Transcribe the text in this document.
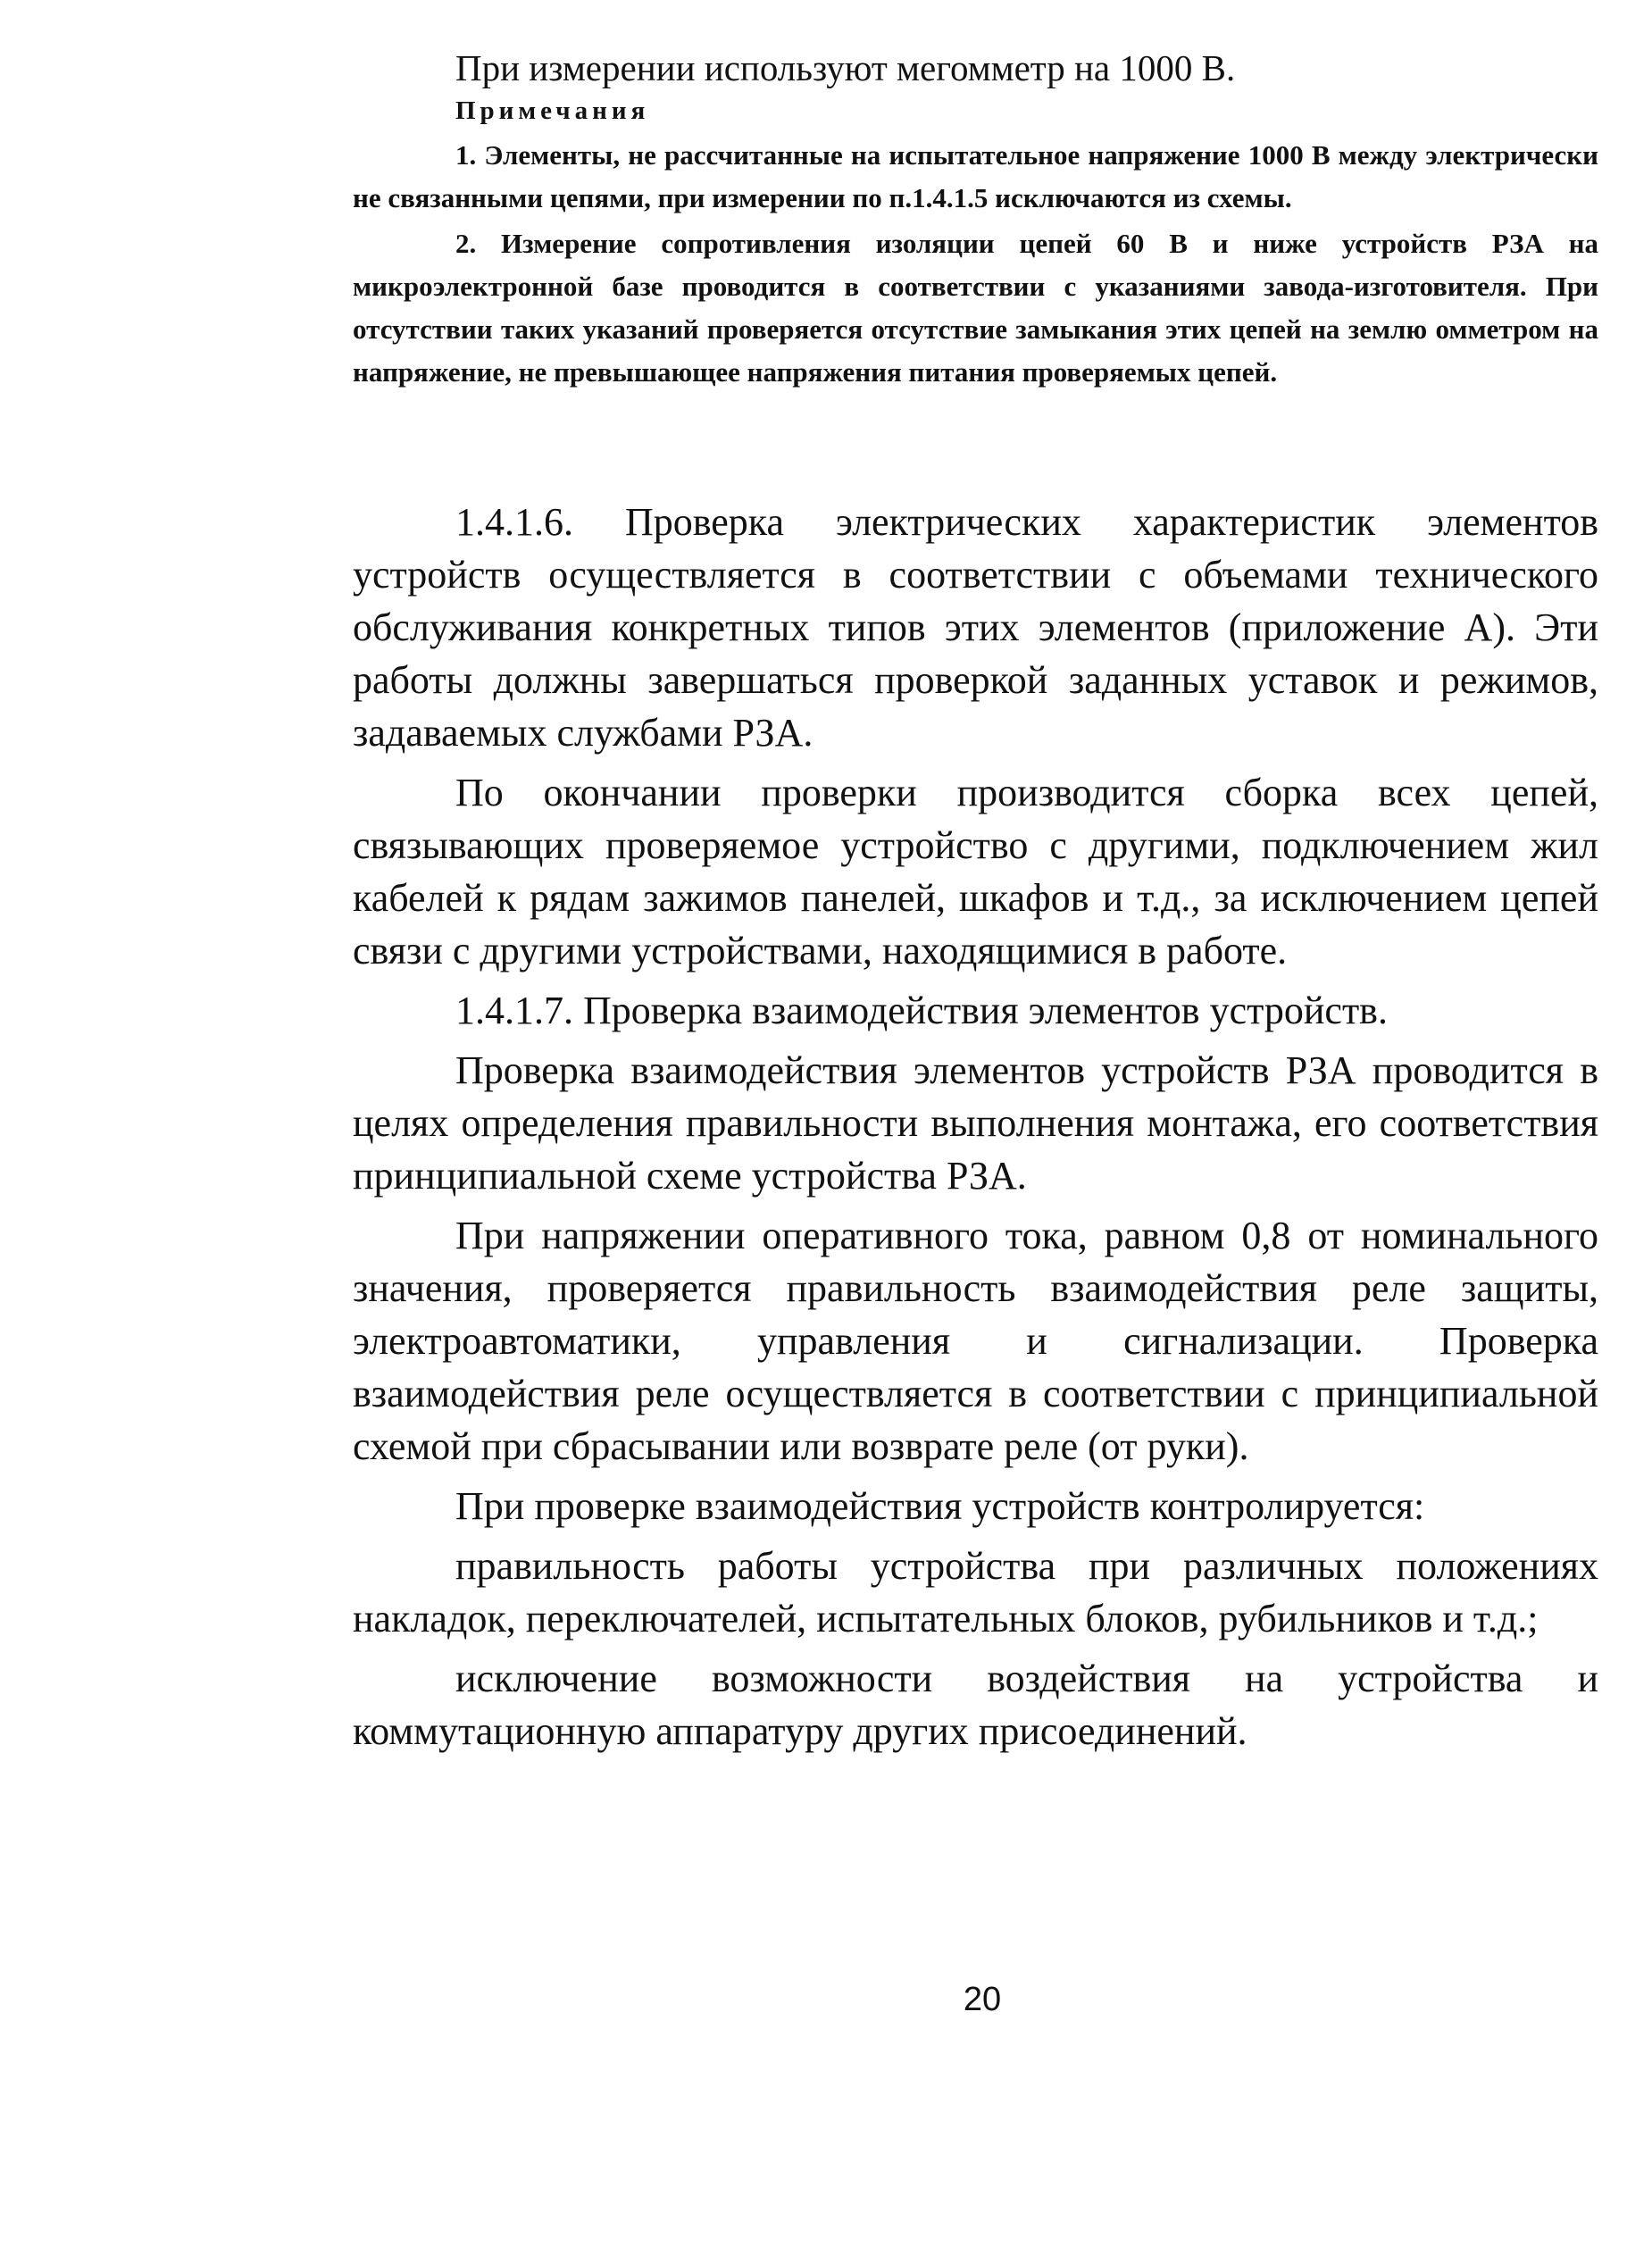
При измерении используют мегомметр на 1000 В.

Примечания

1. Элементы, не рассчитанные на испытательное напряжение 1000 В между электрически не связанными цепями, при измерении по п.1.4.1.5 исключаются из схемы.

2. Измерение сопротивления изоляции цепей 60 В и ниже устройств РЗА на микроэлектронной базе проводится в соответствии с указаниями завода-изготовителя. При отсутствии таких указаний проверяется отсутствие замыкания этих цепей на землю омметром на напряжение, не превышающее напряжения питания проверяемых цепей.

1.4.1.6. Проверка электрических характеристик элементов устройств осуществляется в соответствии с объемами технического обслуживания конкретных типов этих элементов (приложение А). Эти работы должны завершаться проверкой заданных уставок и режимов, задаваемых службами РЗА.

По окончании проверки производится сборка всех цепей, связывающих проверяемое устройство с другими, подключением жил кабелей к рядам зажимов панелей, шкафов и т.д., за исключением цепей связи с другими устройствами, находящимися в работе.

1.4.1.7. Проверка взаимодействия элементов устройств.

Проверка взаимодействия элементов устройств РЗА проводится в целях определения правильности выполнения монтажа, его соответствия принципиальной схеме устройства РЗА.

При напряжении оперативного тока, равном 0,8 от номинального значения, проверяется правильность взаимодействия реле защиты, электроавтоматики, управления и сигнализации. Проверка взаимодействия реле осуществляется в соответствии с принципиальной схемой при сбрасывании или возврате реле (от руки).

При проверке взаимодействия устройств контролируется:

правильность работы устройства при различных положениях накладок, переключателей, испытательных блоков, рубильников и т.д.;

исключение возможности воздействия на устройства и коммутационную аппаратуру других присоединений.

20
